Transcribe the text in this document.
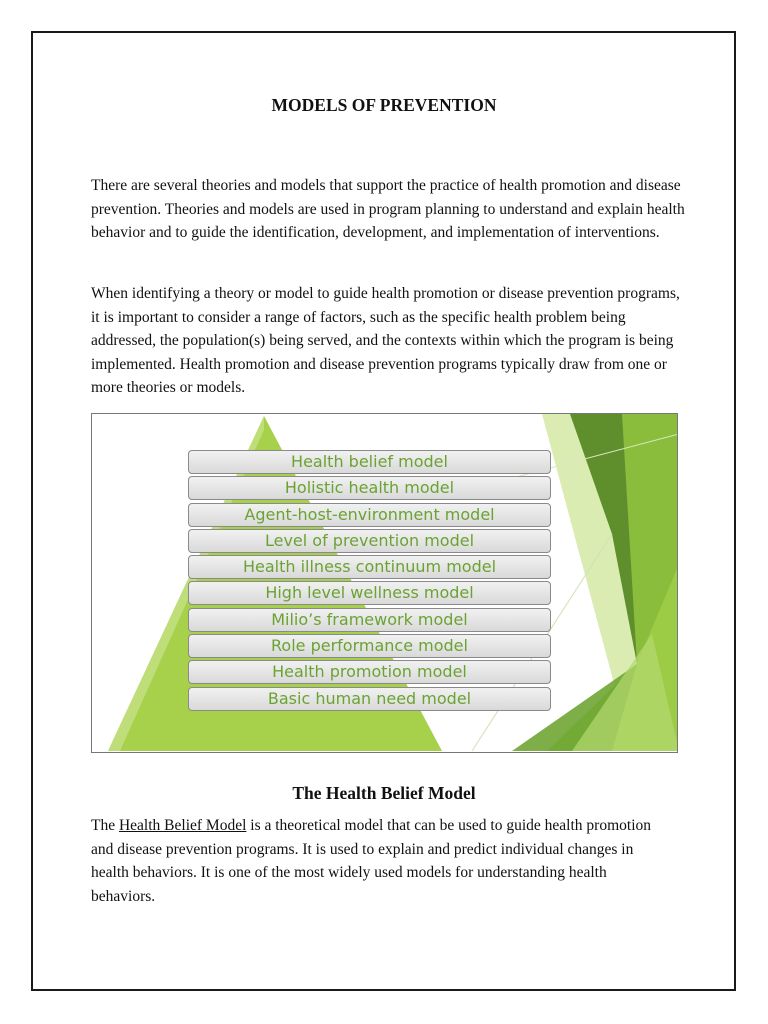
MODELS OF PREVENTION

There are several theories and models that support the practice of health promotion and disease prevention. Theories and models are used in program planning to understand and explain health behavior and to guide the identification, development, and implementation of interventions.

When identifying a theory or model to guide health promotion or disease prevention programs, it is important to consider a range of factors, such as the specific health problem being addressed, the population(s) being served, and the contexts within which the program is being implemented. Health promotion and disease prevention programs typically draw from one or more theories or models.

Health belief model
Holistic health model
Agent-host-environment model
Level of prevention model
Health illness continuum model
High level wellness model
Milio’s framework model
Role performance model
Health promotion model
Basic human need model
The Health Belief Model

The Health Belief Model is a theoretical model that can be used to guide health promotion and disease prevention programs. It is used to explain and predict individual changes in health behaviors. It is one of the most widely used models for understanding health behaviors.
